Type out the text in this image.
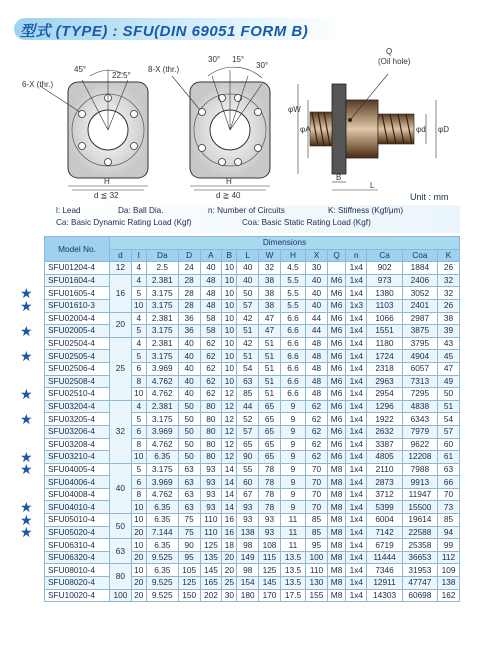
型式 (TYPE) : SFU(DIN 69051 FORM B)
6-X (thr.)
45°
22.5°
H
d ≦ 32
8-X (thr.)
30° 15°
30°
H
d ≧ 40
Q
(Oil hole)
φW
φA	φD
φd
B
L
Unit : mm
l: Lead	Da: Ball Dia.	n: Number of Circuits	K: Stiffness (Kgf/μm)
Ca: Basic Dynamic Rating Load (Kgf)	Coa: Basic Static Rating Load (Kgf)
Model No.	Dimensions														
	d	l	Da	D	A	B	L	W	H	X	Q	n	Ca	Coa	K
SFU01204-4	12	4	2.5	24	40	10	40	32	4.5	30		1x4	902	1884	26
SFU01604-4	16	4	2.381	28	48	10	40	38	5.5	40	M6	1x4	973	2406	32
SFU01605-4		5	3.175	28	48	10	50	38	5.5	40	M6	1x4	1380	3052	32
SFU01610-3		10	3.175	28	48	10	57	38	5.5	40	M6	1x3	1103	2401	26
SFU02004-4	20	4	2.381	36	58	10	42	47	6.6	44	M6	1x4	1066	2987	38
SFU02005-4		5	3.175	36	58	10	51	47	6.6	44	M6	1x4	1551	3875	39
SFU02504-4	25	4	2.381	40	62	10	42	51	6.6	48	M6	1x4	1180	3795	43
SFU02505-4		5	3.175	40	62	10	51	51	6.6	48	M6	1x4	1724	4904	45
SFU02506-4		6	3.969	40	62	10	54	51	6.6	48	M6	1x4	2318	6057	47
SFU02508-4		8	4.762	40	62	10	63	51	6.6	48	M6	1x4	2963	7313	49
SFU02510-4		10	4.762	40	62	12	85	51	6.6	48	M6	1x4	2954	7295	50
SFU03204-4	32	4	2.381	50	80	12	44	65	9	62	M6	1x4	1296	4838	51
SFU03205-4		5	3.175	50	80	12	52	65	9	62	M6	1x4	1922	6343	54
SFU03206-4		6	3.969	50	80	12	57	65	9	62	M6	1x4	2632	7979	57
SFU03208-4		8	4.762	50	80	12	65	65	9	62	M6	1x4	3387	9622	60
SFU03210-4		10	6.35	50	80	12	90	65	9	62	M6	1x4	4805	12208	61
SFU04005-4	40	5	3.175	63	93	14	55	78	9	70	M8	1x4	2110	7988	63
SFU04006-4		6	3.969	63	93	14	60	78	9	70	M8	1x4	2873	9913	66
SFU04008-4		8	4.762	63	93	14	67	78	9	70	M8	1x4	3712	11947	70
SFU04010-4		10	6.35	63	93	14	93	78	9	70	M8	1x4	5399	15500	73
SFU05010-4	50	10	6.35	75	110	16	93	93	11	85	M8	1x4	6004	19614	85
SFU05020-4		20	7.144	75	110	16	138	93	11	85	M8	1x4	7142	22588	94
SFU06310-4	63	10	6.35	90	125	18	98	108	11	95	M8	1x4	6719	25358	99
SFU06320-4		20	9.525	95	135	20	149	115	13.5	100	M8	1x4	11444	36653	112
SFU08010-4	80	10	6.35	105	145	20	98	125	13.5	110	M8	1x4	7346	31953	109
SFU08020-4		20	9.525	125	165	25	154	145	13.5	130	M8	1x4	12911	47747	138
SFU10020-4	100	20	9.525	150	202	30	180	170	17.5	155	M8	1x4	14303	60698	162
★
★
★
★
★
★
★
★
★
★
★
